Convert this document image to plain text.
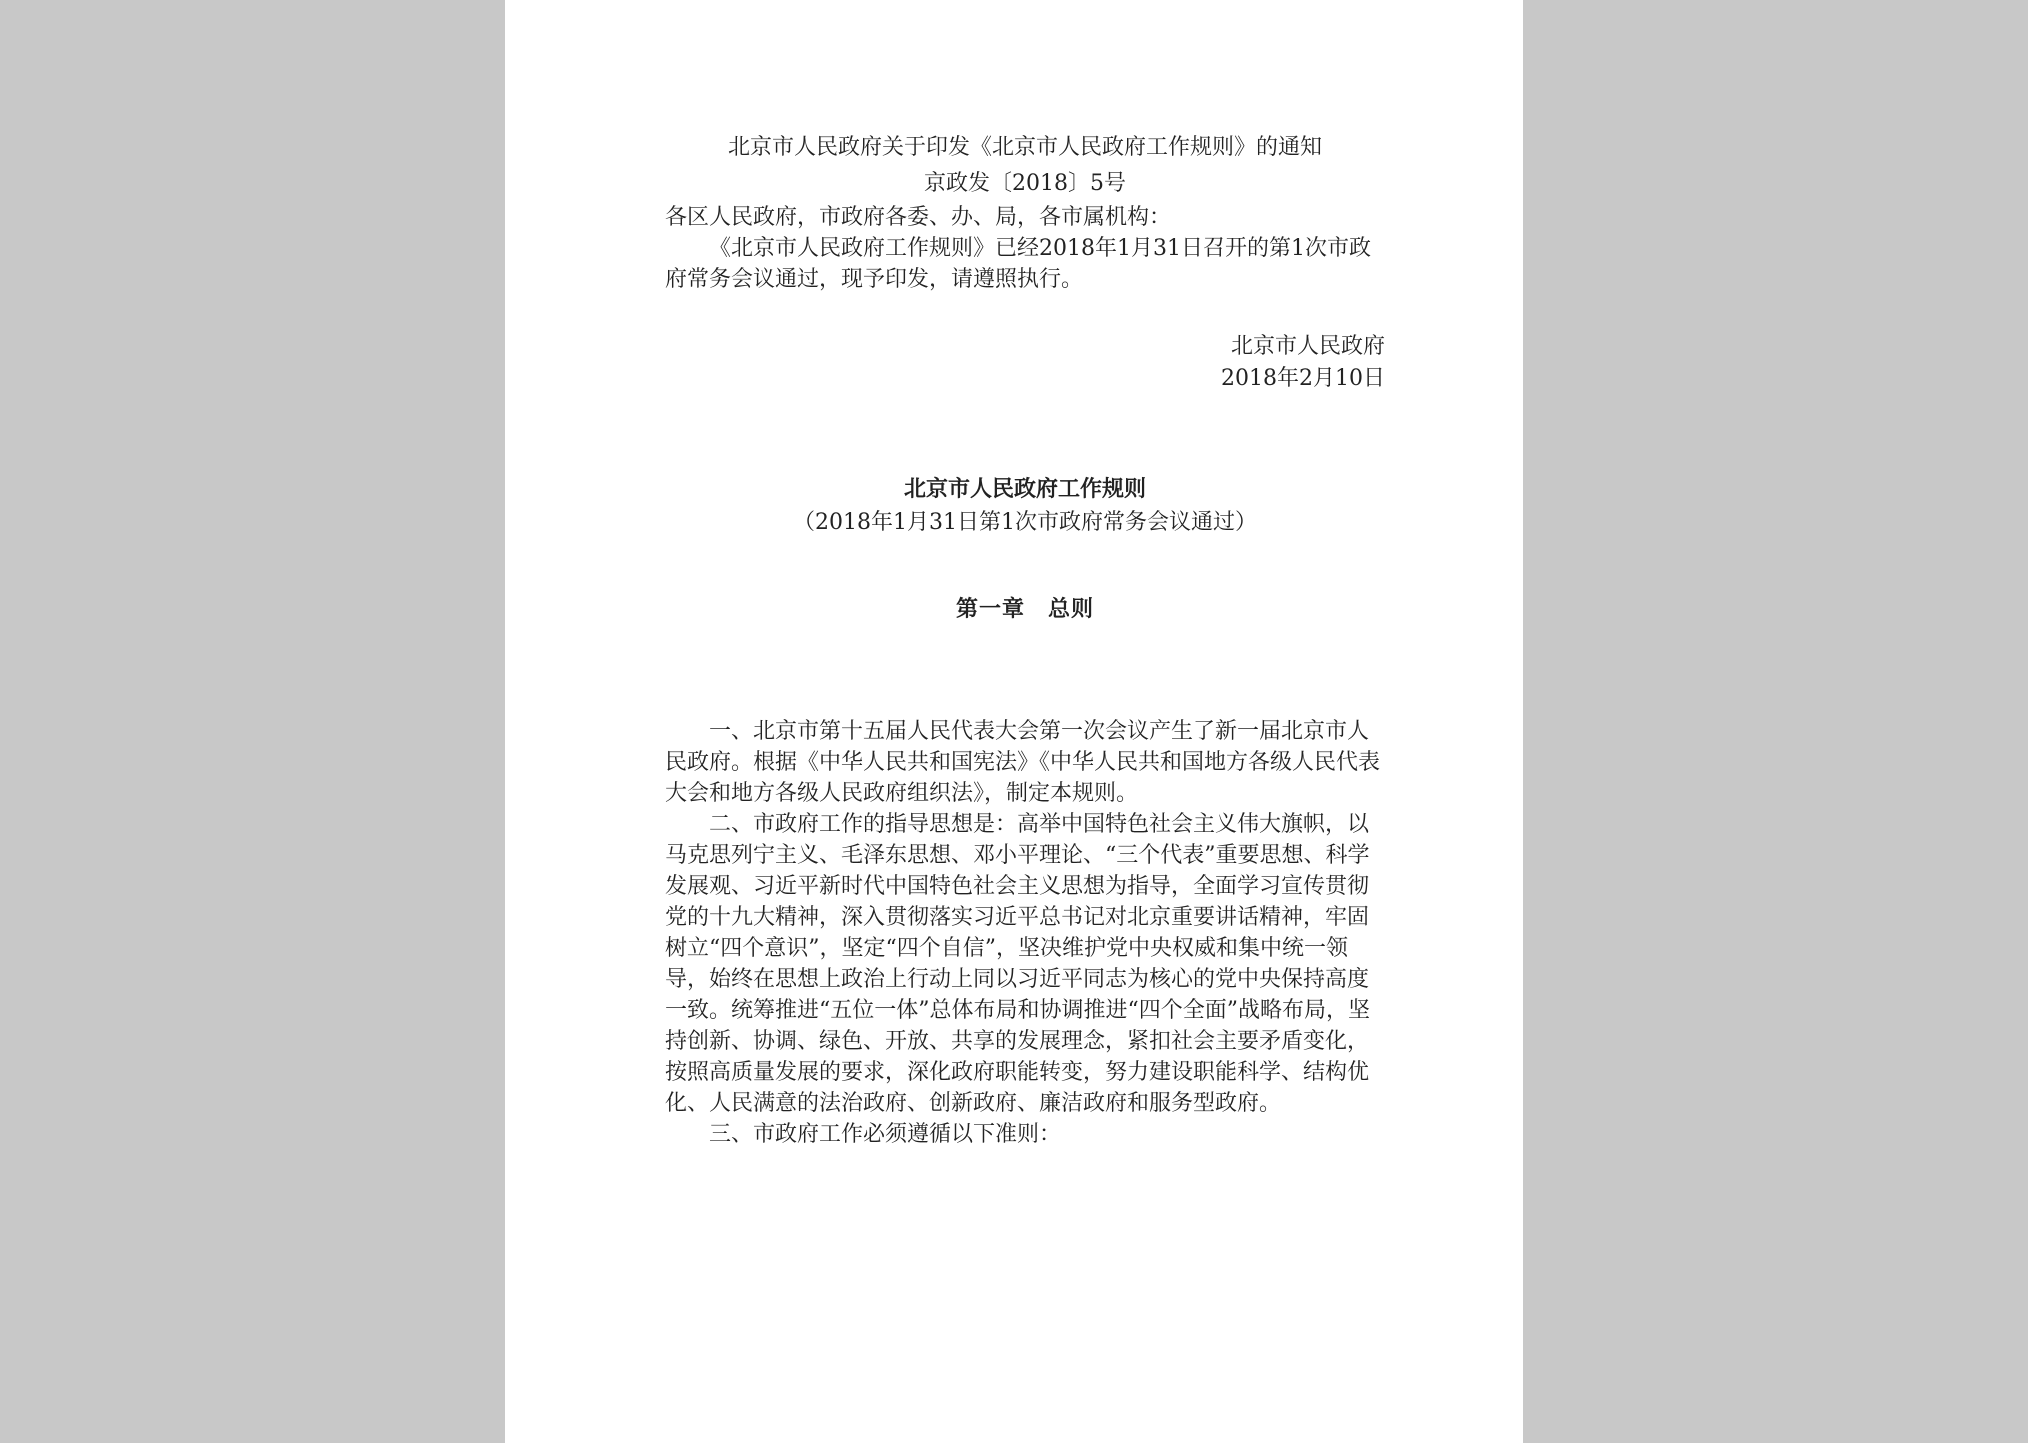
北京市人民政府关于印发《北京市人民政府工作规则》的通知

京政发〔2018〕5号

各区人民政府，市政府各委、办、局，各市属机构：

《北京市人民政府工作规则》已经2018年1月31日召开的第1次市政府常务会议通过，现予印发，请遵照执行。

北京市人民政府

2018年2月10日

北京市人民政府工作规则

（2018年1月31日第1次市政府常务会议通过）

第一章　总则

一、北京市第十五届人民代表大会第一次会议产生了新一届北京市人民政府。根据《中华人民共和国宪法》《中华人民共和国地方各级人民代表大会和地方各级人民政府组织法》，制定本规则。

二、市政府工作的指导思想是：高举中国特色社会主义伟大旗帜，以马克思列宁主义、毛泽东思想、邓小平理论、“三个代表”重要思想、科学发展观、习近平新时代中国特色社会主义思想为指导，全面学习宣传贯彻党的十九大精神，深入贯彻落实习近平总书记对北京重要讲话精神，牢固树立“四个意识”，坚定“四个自信”，坚决维护党中央权威和集中统一领导，始终在思想上政治上行动上同以习近平同志为核心的党中央保持高度一致。统筹推进“五位一体”总体布局和协调推进“四个全面”战略布局，坚持创新、协调、绿色、开放、共享的发展理念，紧扣社会主要矛盾变化，按照高质量发展的要求，深化政府职能转变，努力建设职能科学、结构优化、人民满意的法治政府、创新政府、廉洁政府和服务型政府。

三、市政府工作必须遵循以下准则：
